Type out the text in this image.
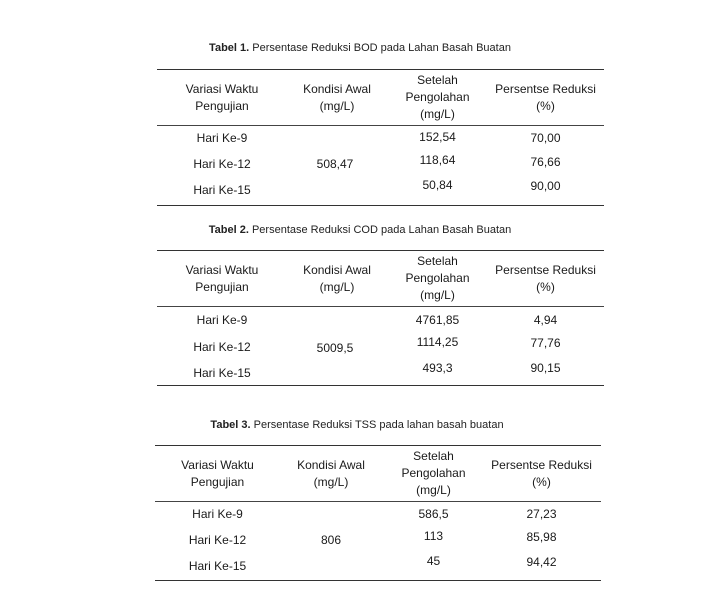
Tabel 1. Persentase Reduksi BOD pada Lahan Basah Buatan
Variasi Waktu
Pengujian
Kondisi Awal
(mg/L)
Setelah
Pengolahan
(mg/L)
Persentse Reduksi
(%)
Hari Ke-9
Hari Ke-12
Hari Ke-15
508,47
152,54
118,64
50,84
70,00
76,66
90,00
Tabel 2. Persentase Reduksi COD pada Lahan Basah Buatan
Variasi Waktu
Pengujian
Kondisi Awal
(mg/L)
Setelah
Pengolahan
(mg/L)
Persentse Reduksi
(%)
Hari Ke-9
Hari Ke-12
Hari Ke-15
5009,5
4761,85
1114,25
493,3
4,94
77,76
90,15
Tabel 3. Persentase Reduksi TSS pada lahan basah buatan
Variasi Waktu
Pengujian
Kondisi Awal
(mg/L)
Setelah
Pengolahan
(mg/L)
Persentse Reduksi
(%)
Hari Ke-9
Hari Ke-12
Hari Ke-15
806
586,5
113
45
27,23
85,98
94,42
